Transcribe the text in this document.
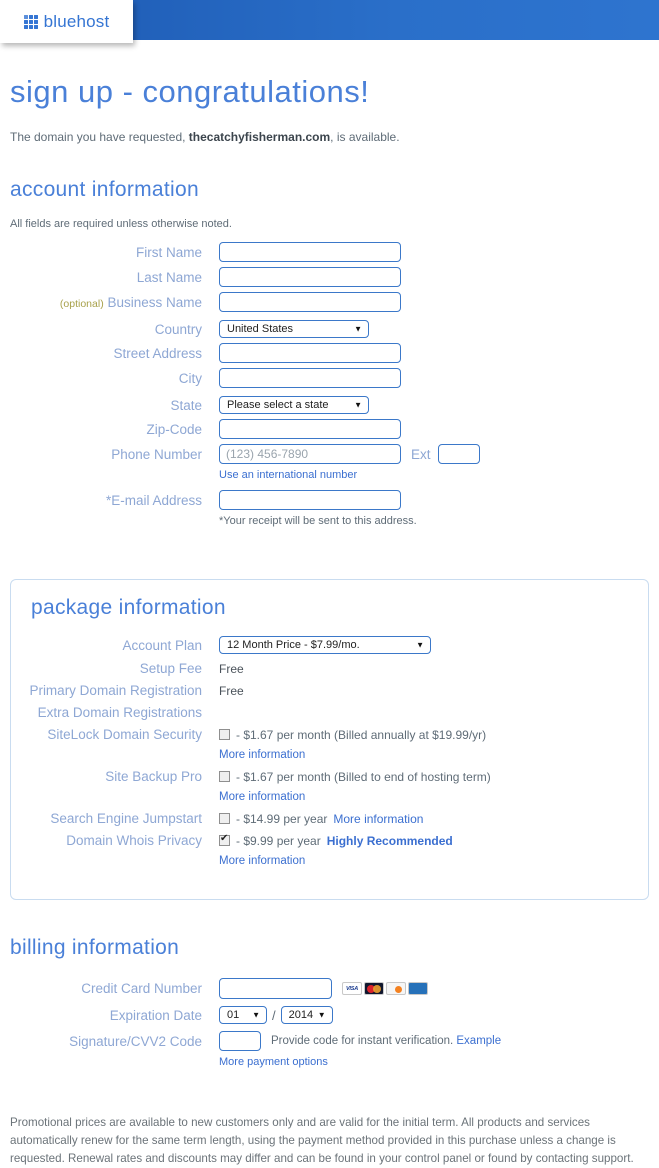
bluehost
sign up - congratulations!

The domain you have requested, thecatchyfisherman.com, is available.

account information

All fields are required unless otherwise noted.

First Name
Last Name
(optional) Business Name
Country United States	▼
Street Address
City
State Please select a state	▼
Zip-Code
Phone Number
(123) 456-7890	Ext
Use an international number
*E-mail Address
*Your receipt will be sent to this address.
package information
Account Plan 12 Month Price - $7.99/mo.	▼
Setup Fee Free
Primary Domain Registration Free
Extra Domain Registrations
SiteLock Domain Security	- $1.67 per month (Billed annually at $19.99/yr)
More information
Site Backup Pro	- $1.67 per month (Billed to end of hosting term)
More information
Search Engine Jumpstart	- $14.99 per year More information
Domain Whois Privacy ✔	- $9.99 per year Highly Recommended
More information
billing information
Credit Card Number	VISA
Expiration Date 01 ▼ / 2014 ▼
Signature/CVV2 Code	Provide code for instant verification. Example
More payment options

Promotional prices are available to new customers only and are valid for the initial term. All products and services automatically renew for the same term length, using the payment method provided in this purchase unless a change is requested. Renewal rates and discounts may differ and can be found in your control panel or found by contacting support.
